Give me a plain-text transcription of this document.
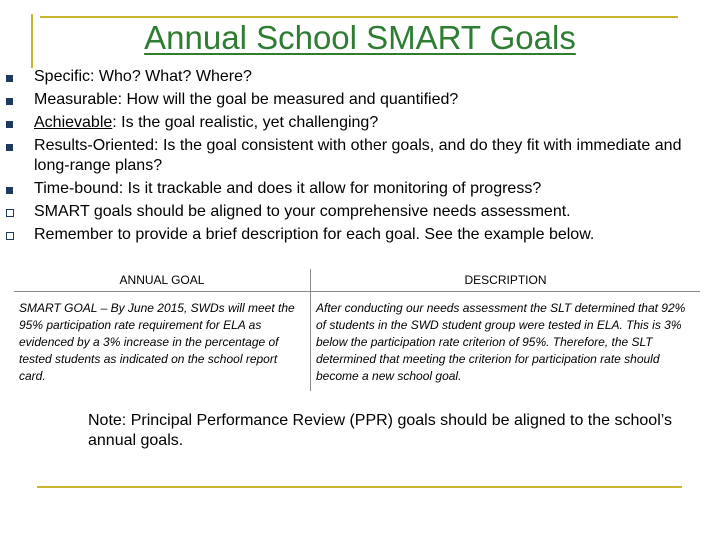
Annual School SMART Goals
Specific: Who? What? Where?
Measurable: How will the goal be measured and quantified?
Achievable: Is the goal realistic, yet challenging?
Results-Oriented: Is the goal consistent with other goals, and do they fit with immediate and long-range plans?
Time-bound: Is it trackable and does it allow for monitoring of progress?
SMART goals should be aligned to your comprehensive needs assessment.
Remember to provide a brief description for each goal. See the example below.
ANNUAL GOAL	DESCRIPTION
SMART GOAL – By June 2015, SWDs will meet the 95% participation rate requirement for ELA as evidenced by a 3% increase in the percentage of tested students as indicated on the school report card.	After conducting our needs assessment the SLT determined that 92% of students in the SWD student group were tested in ELA. This is 3% below the participation rate criterion of 95%. Therefore, the SLT determined that meeting the criterion for participation rate should become a new school goal.
Note: Principal Performance Review (PPR) goals should be aligned to the school’s annual goals.
